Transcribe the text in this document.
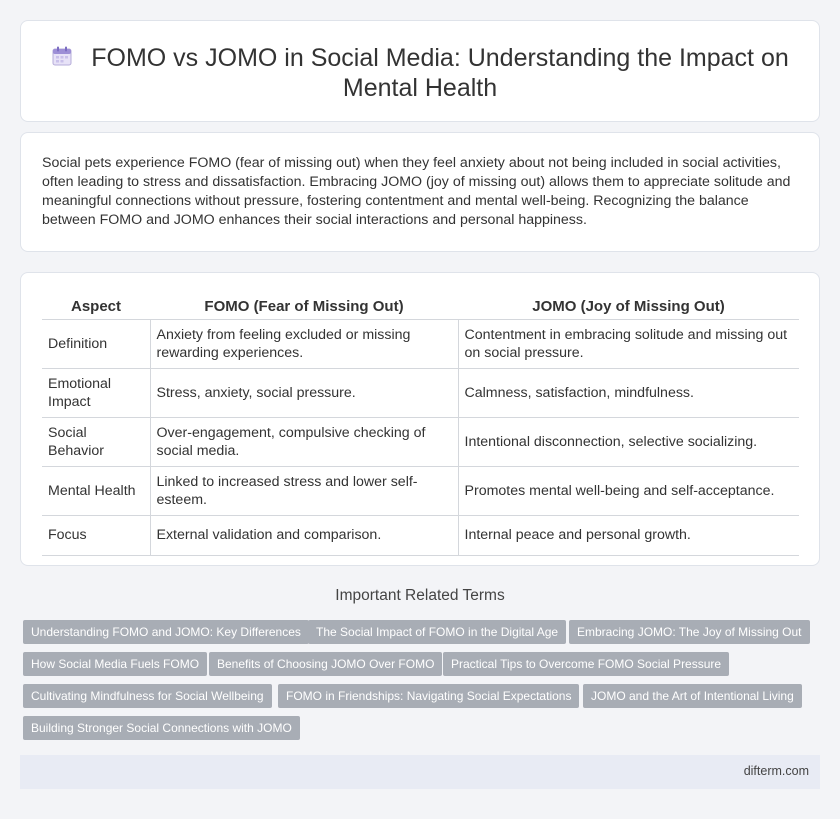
FOMO vs JOMO in Social Media: Understanding the Impact on Mental Health

Social pets experience FOMO (fear of missing out) when they feel anxiety about not being included in social activities, often leading to stress and dissatisfaction. Embracing JOMO (joy of missing out) allows them to appreciate solitude and meaningful connections without pressure, fostering contentment and mental well-being. Recognizing the balance between FOMO and JOMO enhances their social interactions and personal happiness.

Aspect	FOMO (Fear of Missing Out)	JOMO (Joy of Missing Out)
Definition	Anxiety from feeling excluded or missing rewarding experiences.	Contentment in embracing solitude and missing out on social pressure.
Emotional Impact	Stress, anxiety, social pressure.	Calmness, satisfaction, mindfulness.
Social Behavior	Over-engagement, compulsive checking of social media.	Intentional disconnection, selective socializing.
Mental Health	Linked to increased stress and lower self-esteem.	Promotes mental well-being and self-acceptance.
Focus	External validation and comparison.	Internal peace and personal growth.
Important Related Terms
Understanding FOMO and JOMO: Key Differences	The Social Impact of FOMO in the Digital Age	Embracing JOMO: The Joy of Missing Out
How Social Media Fuels FOMO	Benefits of Choosing JOMO Over FOMO	Practical Tips to Overcome FOMO Social Pressure
Cultivating Mindfulness for Social Wellbeing	FOMO in Friendships: Navigating Social Expectations	JOMO and the Art of Intentional Living
Building Stronger Social Connections with JOMO
difterm.com
